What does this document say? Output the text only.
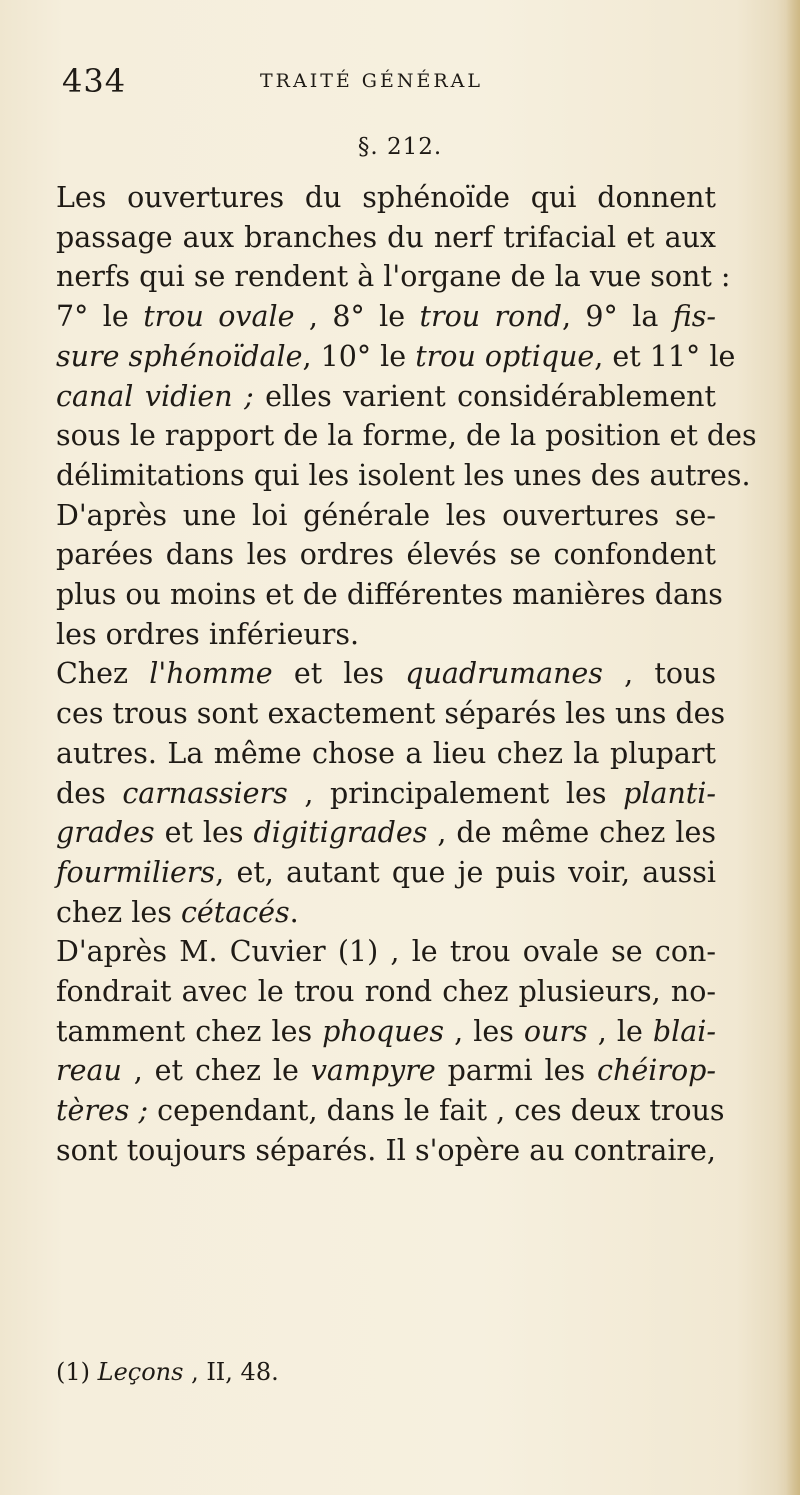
434	TRAITÉ GÉNÉRAL
§. 212.
Les ouvertures du sphénoïde qui donnent
passage aux branches du nerf trifacial et aux
nerfs qui se rendent à l'organe de la vue sont :
7° le trou ovale , 8° le trou rond, 9° la fis-
sure sphénoïdale, 10° le trou optique, et 11° le
canal vidien ; elles varient considérablement
sous le rapport de la forme, de la position et des
délimitations qui les isolent les unes des autres.
D'après une loi générale les ouvertures se-
parées dans les ordres élevés se confondent
plus ou moins et de différentes manières dans
les ordres inférieurs.
Chez l'homme et les quadrumanes , tous
ces trous sont exactement séparés les uns des
autres. La même chose a lieu chez la plupart
des carnassiers , principalement les planti-
grades et les digitigrades , de même chez les
fourmiliers, et, autant que je puis voir, aussi
chez les cétacés.
D'après M. Cuvier (1) , le trou ovale se con-
fondrait avec le trou rond chez plusieurs, no-
tamment chez les phoques , les ours , le blai-
reau , et chez le vampyre parmi les chéirop-
tères ; cependant, dans le fait , ces deux trous
sont toujours séparés. Il s'opère au contraire,
(1) Leçons , II, 48.
